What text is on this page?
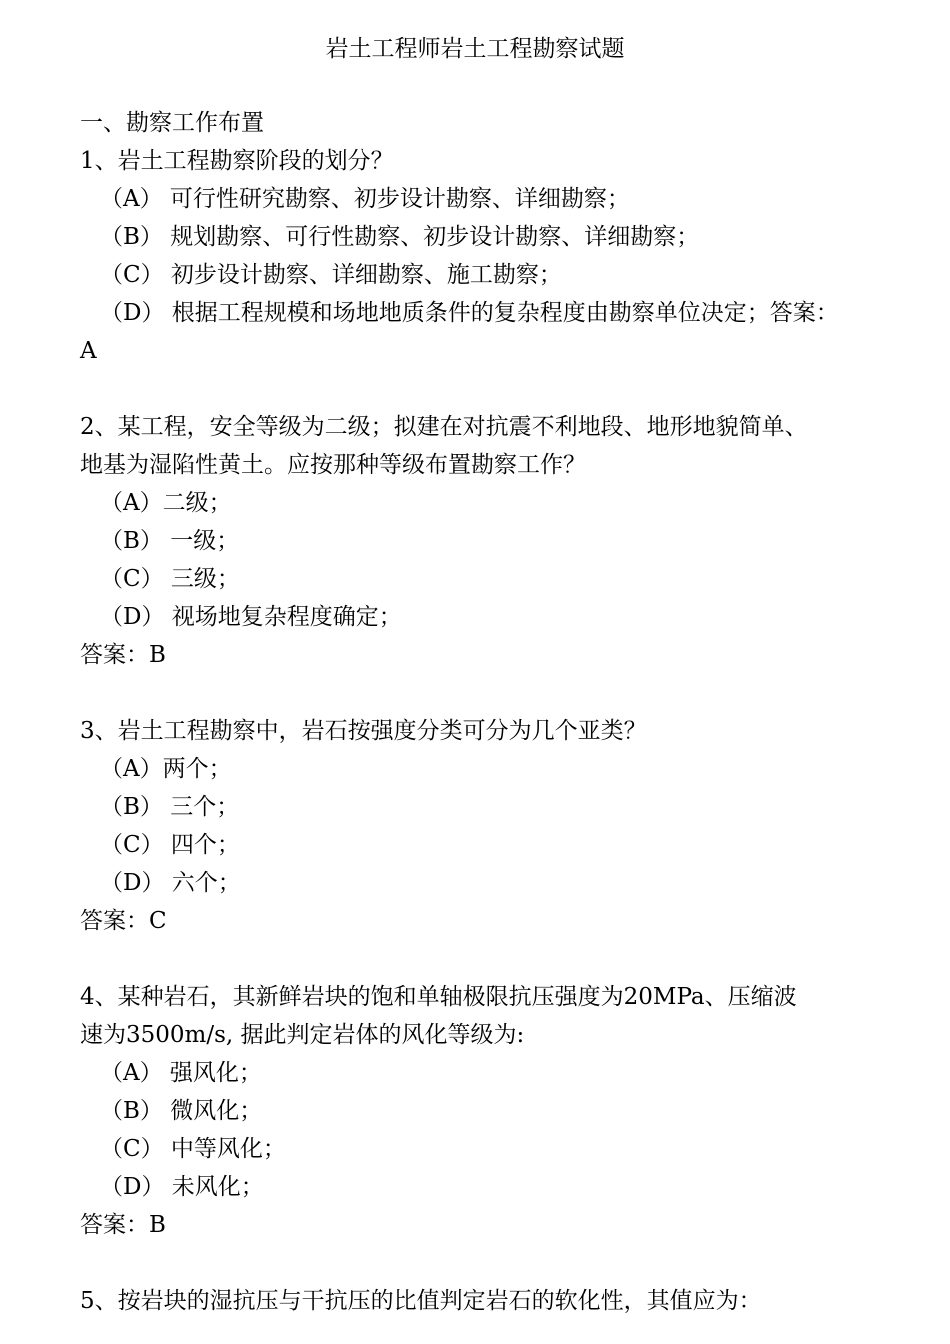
岩土工程师岩土工程勘察试题
一、勘察工作布置
1、岩土工程勘察阶段的划分？
（A） 可行性研究勘察、初步设计勘察、详细勘察；
（B） 规划勘察、可行性勘察、初步设计勘察、详细勘察；
（C） 初步设计勘察、详细勘察、施工勘察；
（D） 根据工程规模和场地地质条件的复杂程度由勘察单位决定；答案：
A
2、某工程，安全等级为二级；拟建在对抗震不利地段、地形地貌简单、
地基为湿陷性黄土。应按那种等级布置勘察工作？
（A）二级；
（B） 一级；
（C） 三级；
（D） 视场地复杂程度确定；
答案：B
3、岩土工程勘察中，岩石按强度分类可分为几个亚类？
（A）两个；
（B） 三个；
（C） 四个；
（D） 六个；
答案：C
4、某种岩石，其新鲜岩块的饱和单轴极限抗压强度为20MPa、压缩波
速为3500m/s, 据此判定岩体的风化等级为:
（A） 强风化；
（B） 微风化；
（C） 中等风化；
（D） 未风化；
答案：B
5、按岩块的湿抗压与干抗压的比值判定岩石的软化性，其值应为：
